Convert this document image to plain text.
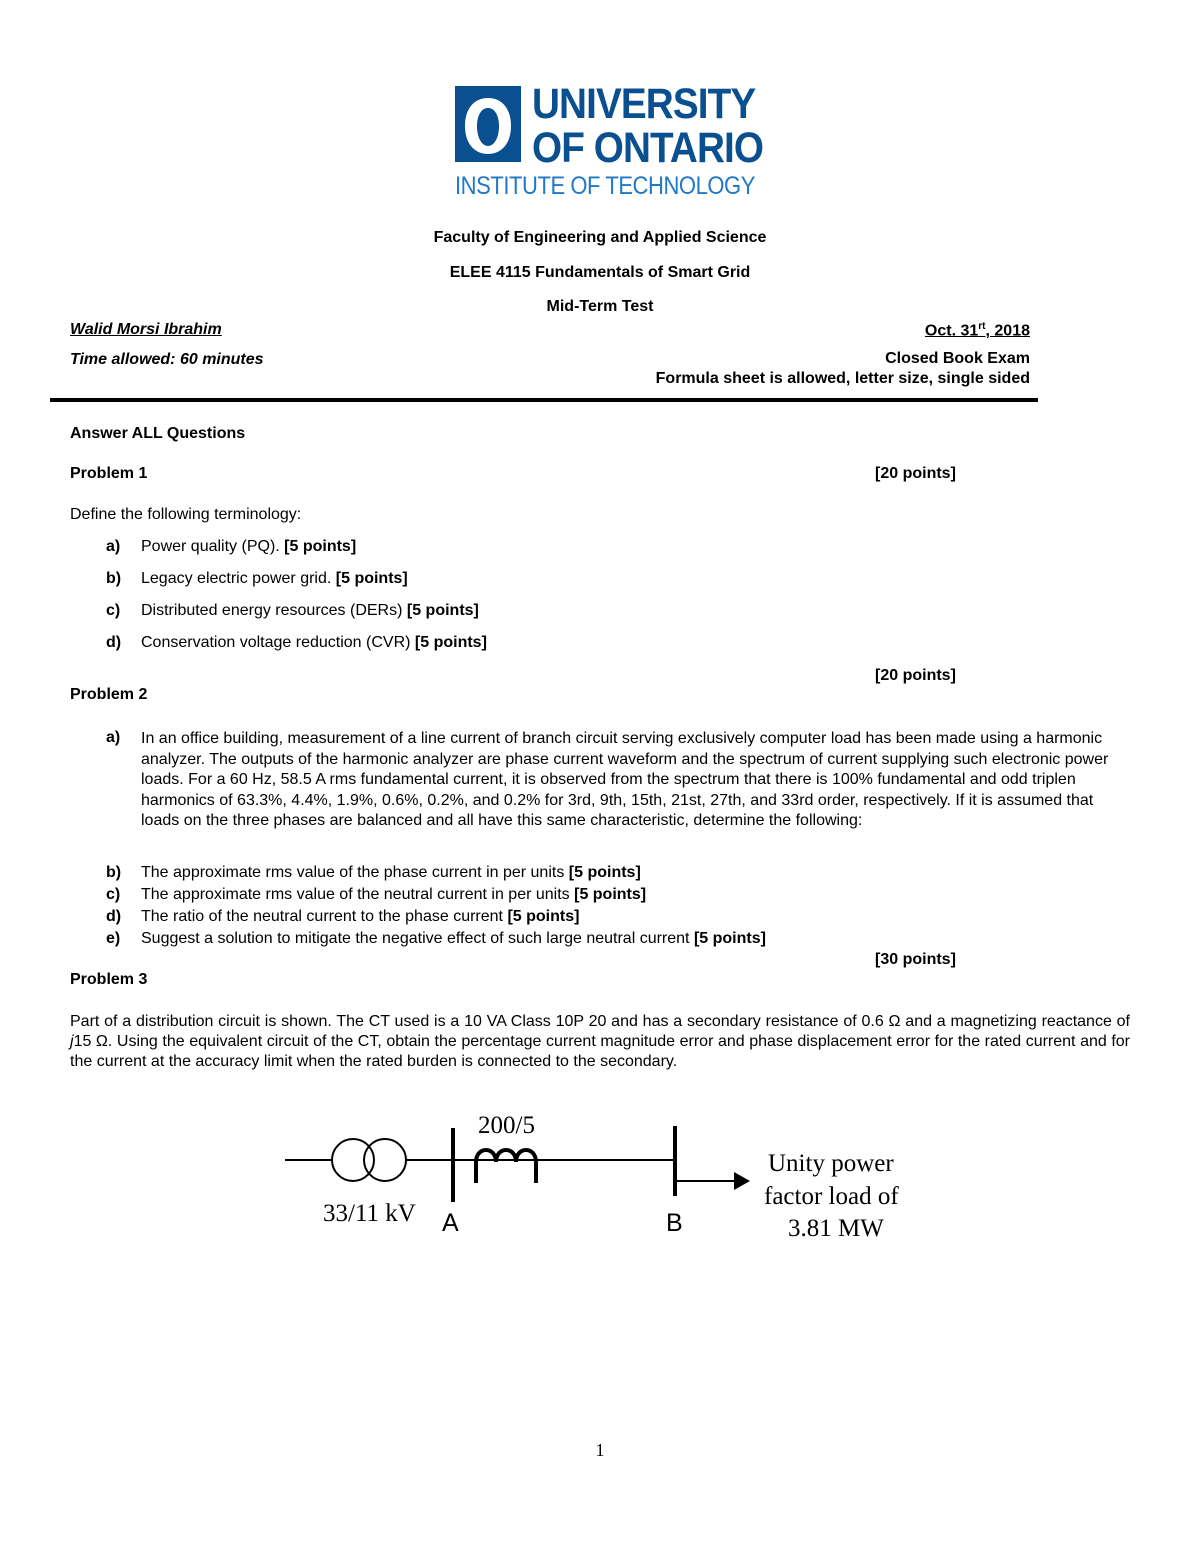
UNIVERSITY
OF ONTARIO
INSTITUTE OF TECHNOLOGY
Faculty of Engineering and Applied Science
ELEE 4115 Fundamentals of Smart Grid
Mid-Term Test
Walid Morsi Ibrahim	Oct. $31^{rt}$, 2018
Time allowed: 60 minutes	Closed Book Exam
Formula sheet is allowed, letter size, single sided
Answer ALL Questions
Problem 1	[20 points]
Define the following terminology:
a) Power quality (PQ). [5 points]
b) Legacy electric power grid. [5 points]
c) Distributed energy resources (DERs) [5 points]
d) Conservation voltage reduction (CVR) [5 points]
[20 points]
Problem 2
a) In an office building, measurement of a line current of branch circuit serving exclusively computer load has been made using a harmonic analyzer. The outputs of the harmonic analyzer are phase current waveform and the spectrum of current supplying such electronic power loads. For a 60 Hz, 58.5 A rms fundamental current, it is observed from the spectrum that there is 100% fundamental and odd triplen harmonics of 63.3%, 4.4%, 1.9%, 0.6%, 0.2%, and 0.2% for 3rd, 9th, 15th, 21st, 27th, and 33rd order, respectively. If it is assumed that loads on the three phases are balanced and all have this same characteristic, determine the following:
b) The approximate rms value of the phase current in per units [5 points]
c) The approximate rms value of the neutral current in per units [5 points]
d) The ratio of the neutral current to the phase current [5 points]
e) Suggest a solution to mitigate the negative effect of such large neutral current [5 points]
[30 points]
Problem 3
Part of a distribution circuit is shown. The CT used is a 10 VA Class 10P 20 and has a secondary resistance of 0.6 Ω and a magnetizing reactance of j15 Ω. Using the equivalent circuit of the CT, obtain the percentage current magnitude error and phase displacement error for the rated current and for the current at the accuracy limit when the rated burden is connected to the secondary.
200/5
33/11 kV A	B
Unity power
factor load of
3.81 MW
1
